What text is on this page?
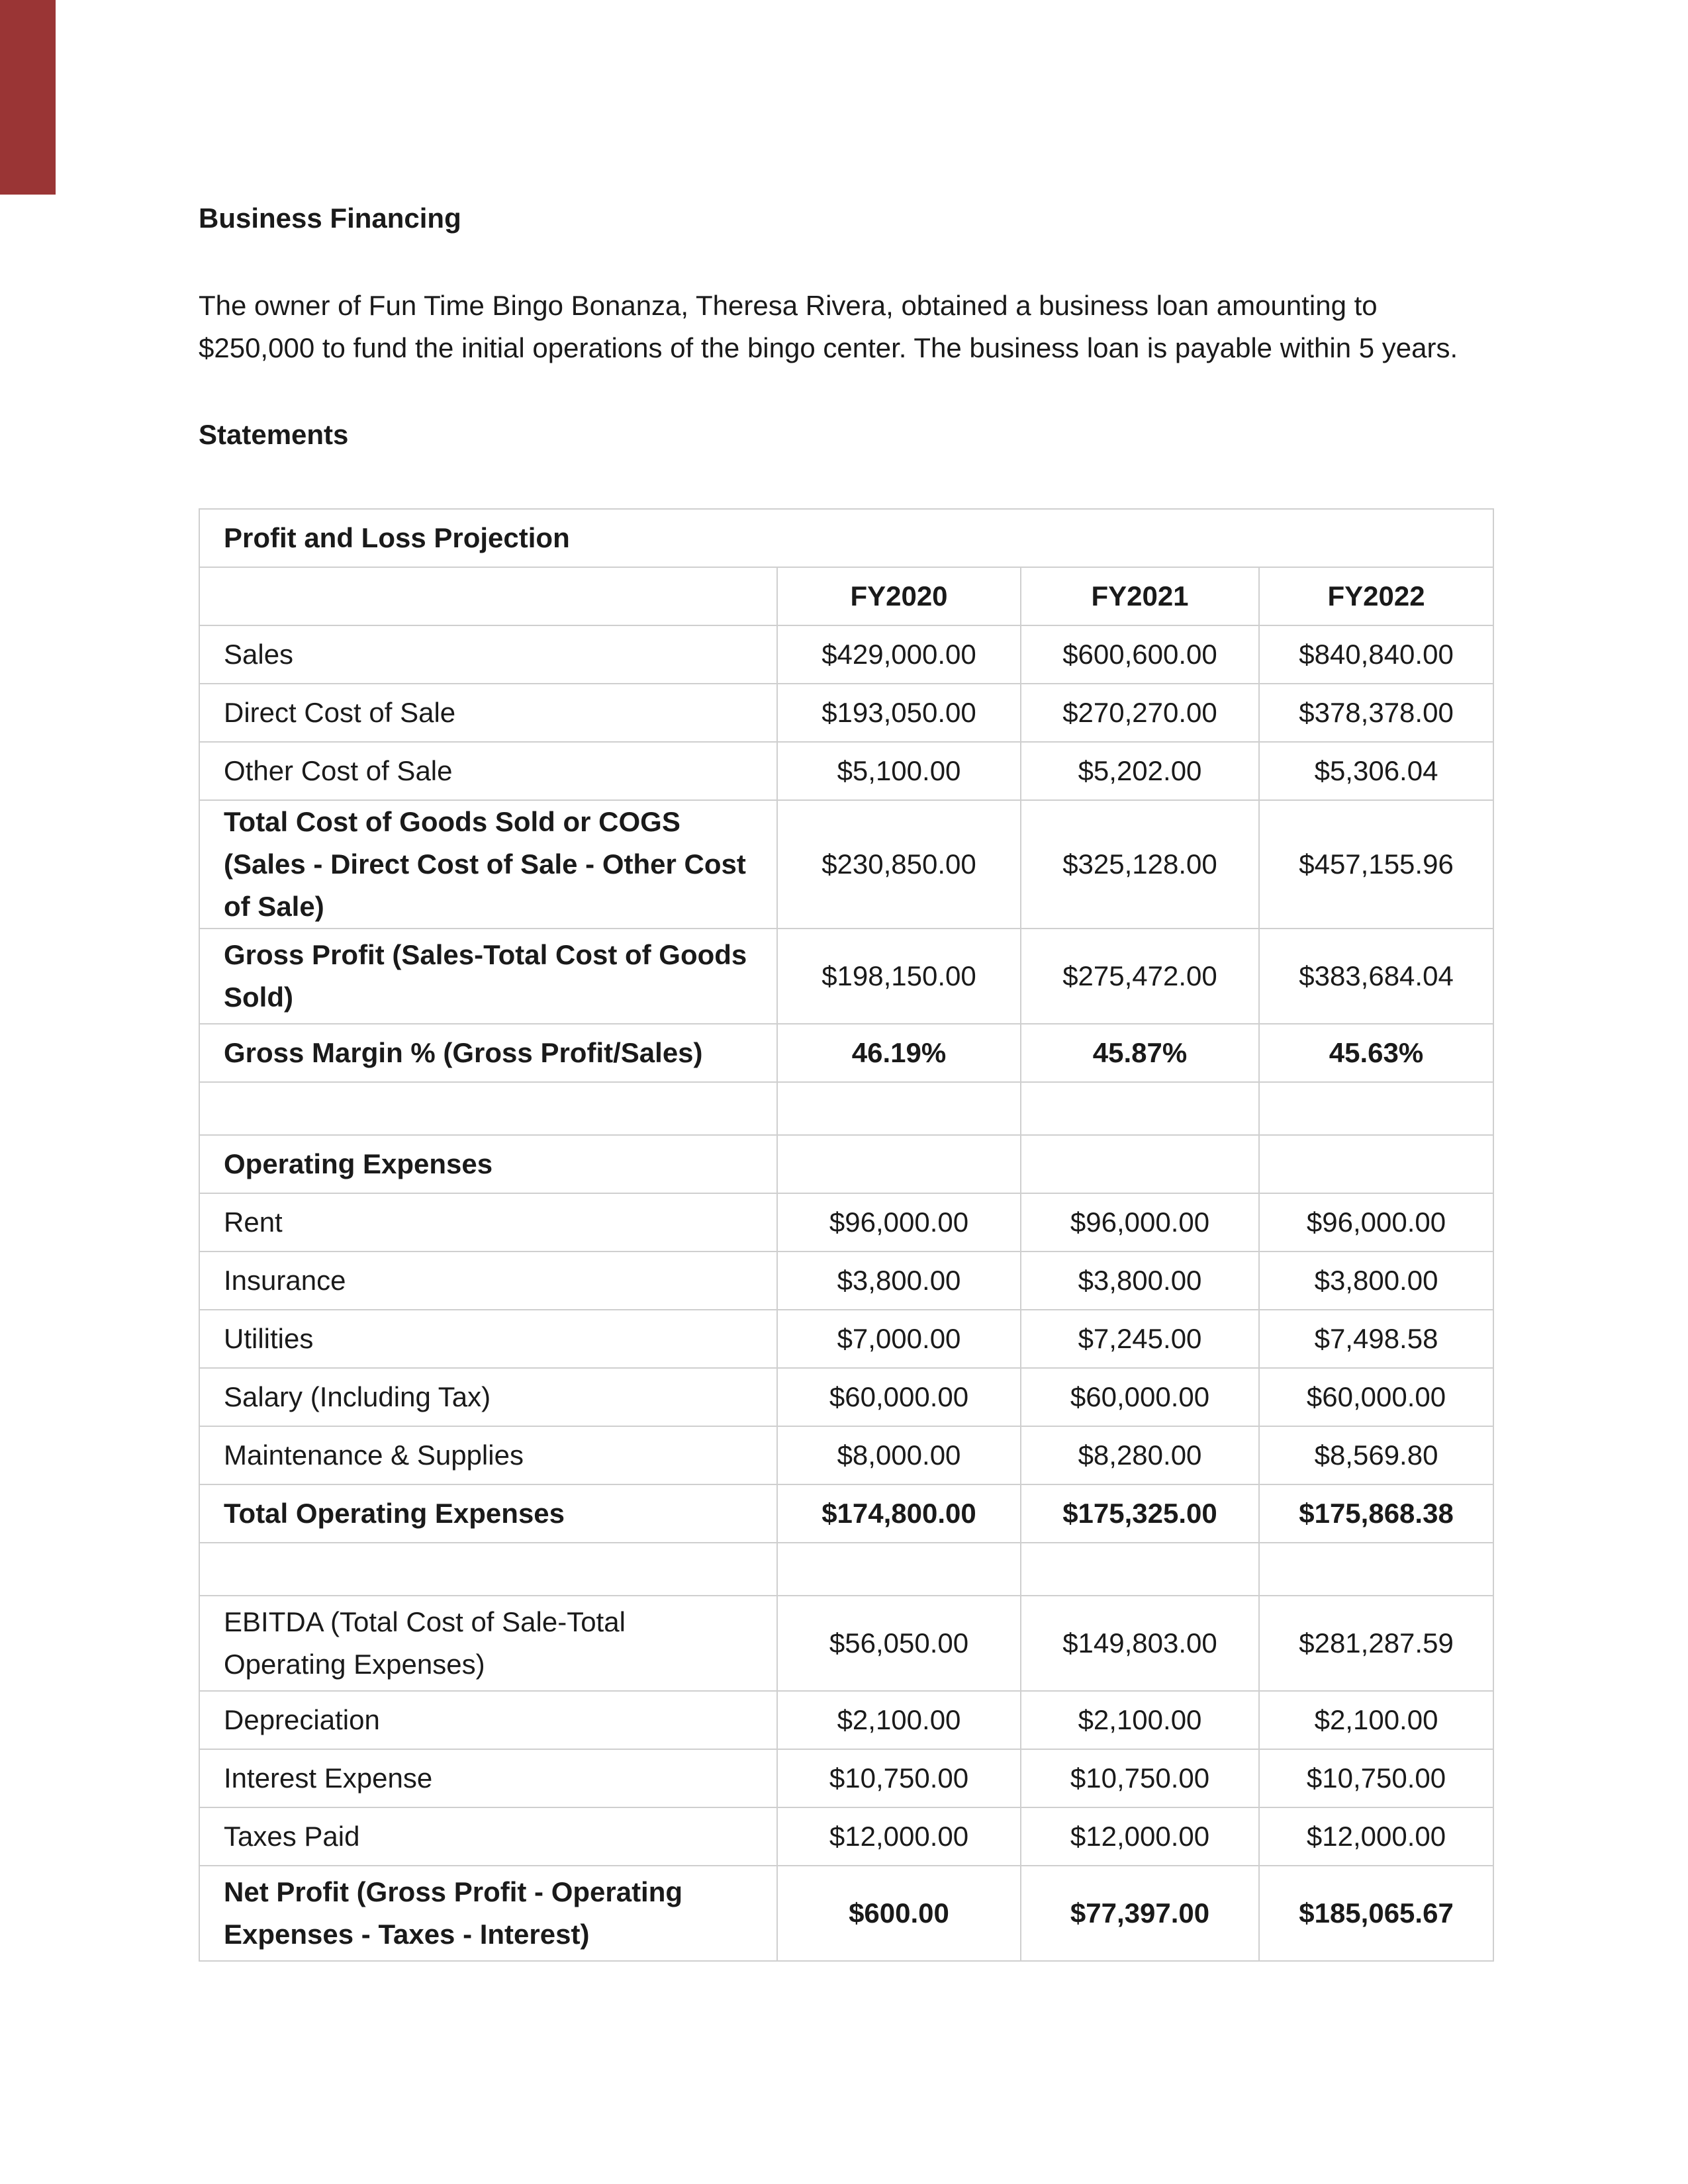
Business Financing

The owner of Fun Time Bingo Bonanza, Theresa Rivera, obtained a business loan amounting to $250,000 to fund the initial operations of the bingo center. The business loan is payable within 5 years.

Statements
Profit and Loss Projection			
	FY2020	FY2021	FY2022
Sales	$429,000.00	$600,600.00	$840,840.00
Direct Cost of Sale	$193,050.00	$270,270.00	$378,378.00
Other Cost of Sale	$5,100.00	$5,202.00	$5,306.04
Total Cost of Goods Sold or COGS (Sales - Direct Cost of Sale - Other Cost of Sale)	$230,850.00	$325,128.00	$457,155.96
Gross Profit (Sales-Total Cost of Goods Sold)	$198,150.00	$275,472.00	$383,684.04
Gross Margin % (Gross Profit/Sales)	46.19%	45.87%	45.63%

Operating Expenses			
Rent	$96,000.00	$96,000.00	$96,000.00
Insurance	$3,800.00	$3,800.00	$3,800.00
Utilities	$7,000.00	$7,245.00	$7,498.58
Salary (Including Tax)	$60,000.00	$60,000.00	$60,000.00
Maintenance & Supplies	$8,000.00	$8,280.00	$8,569.80
Total Operating Expenses	$174,800.00	$175,325.00	$175,868.38

EBITDA (Total Cost of Sale-Total Operating Expenses)	$56,050.00	$149,803.00	$281,287.59
Depreciation	$2,100.00	$2,100.00	$2,100.00
Interest Expense	$10,750.00	$10,750.00	$10,750.00
Taxes Paid	$12,000.00	$12,000.00	$12,000.00
Net Profit (Gross Profit - Operating Expenses - Taxes - Interest)	$600.00	$77,397.00	$185,065.67
